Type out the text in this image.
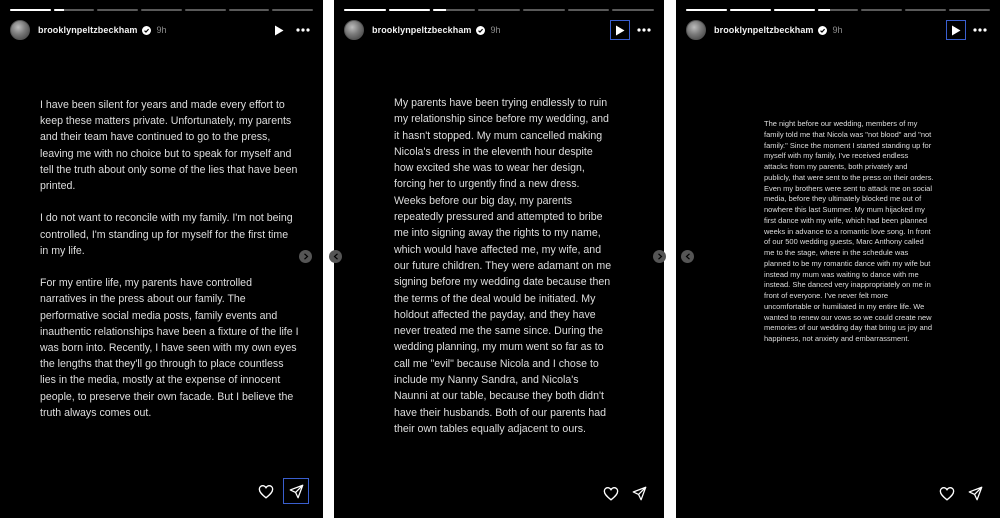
brooklynpeltzbeckham 9h

I have been silent for years and made every effort to keep these matters private. Unfortunately, my parents and their team have continued to go to the press, leaving me with no choice but to speak for myself and tell the truth about only some of the lies that have been printed.

I do not want to reconcile with my family. I'm not being controlled, I'm standing up for myself for the first time in my life.

For my entire life, my parents have controlled narratives in the press about our family. The performative social media posts, family events and inauthentic relationships have been a fixture of the life I was born into. Recently, I have seen with my own eyes the lengths that they'll go through to place countless lies in the media, mostly at the expense of innocent people, to preserve their own facade. But I believe the truth always comes out.

brooklynpeltzbeckham 9h

My parents have been trying endlessly to ruin my relationship since before my wedding, and it hasn't stopped. My mum cancelled making Nicola's dress in the eleventh hour despite how excited she was to wear her design, forcing her to urgently find a new dress. Weeks before our big day, my parents repeatedly pressured and attempted to bribe me into signing away the rights to my name, which would have affected me, my wife, and our future children. They were adamant on me signing before my wedding date because then the terms of the deal would be initiated. My holdout affected the payday, and they have never treated me the same since. During the wedding planning, my mum went so far as to call me "evil" because Nicola and I chose to include my Nanny Sandra, and Nicola's Naunni at our table, because they both didn't have their husbands. Both of our parents had their own tables equally adjacent to ours.

brooklynpeltzbeckham 9h

The night before our wedding, members of my family told me that Nicola was "not blood" and "not family." Since the moment I started standing up for myself with my family, I've received endless attacks from my parents, both privately and publicly, that were sent to the press on their orders. Even my brothers were sent to attack me on social media, before they ultimately blocked me out of nowhere this last Summer. My mum hijacked my first dance with my wife, which had been planned weeks in advance to a romantic love song. In front of our 500 wedding guests, Marc Anthony called me to the stage, where in the schedule was planned to be my romantic dance with my wife but instead my mum was waiting to dance with me instead. She danced very inappropriately on me in front of everyone. I've never felt more uncomfortable or humiliated in my entire life. We wanted to renew our vows so we could create new memories of our wedding day that bring us joy and happiness, not anxiety and embarrassment.
